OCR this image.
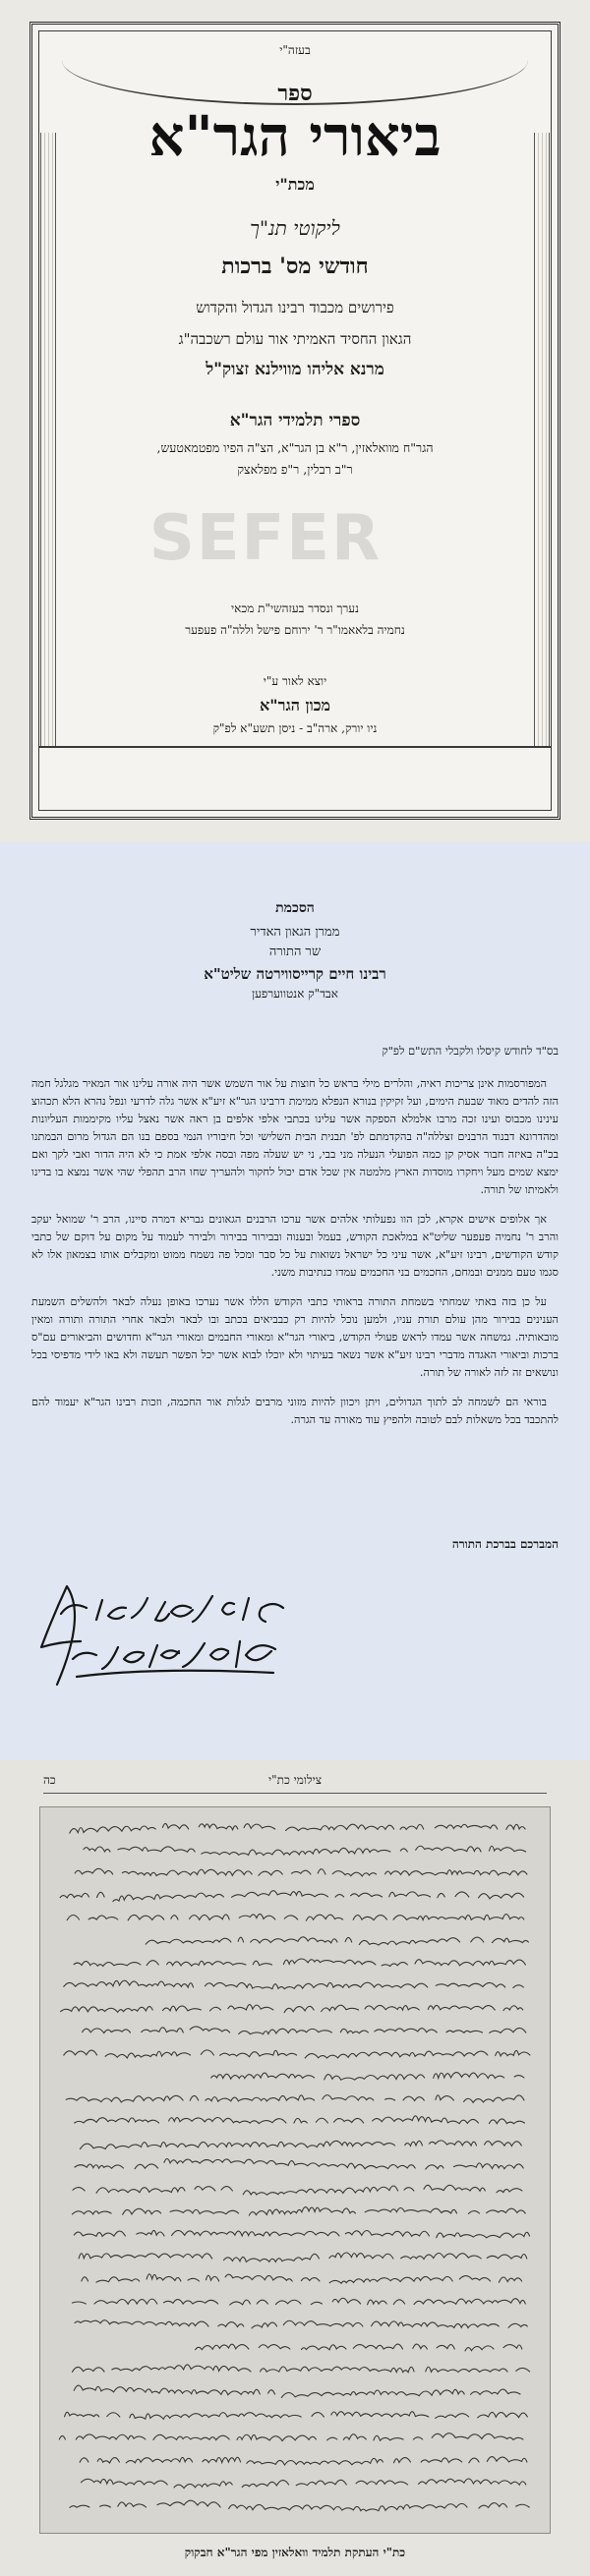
בעזה"י
ספר
ביאורי הגר"א
מכת"י
ליקוטי תנ"ך
חודשי מס' ברכות
פירושים מכבוד רבינו הגדול והקדוש
הגאון החסיד האמיתי אור עולם רשכבה"ג
מרנא אליהו מווילנא זצוק"ל
ספרי תלמידי הגר"א
הגר"ח מוואלאזין, ר"א בן הגר"א, הצ"ה הפיו מפטמאטעש,
ר"ב רבלין, ר"פ מפלאצק
SEFER
נערך ונסדר בעזהשי"ת מכאי
נחמיה בלאאמו"ר ר' ירוחם פישל וללה"ה פעפער
יוצא לאור ע"י
מכון הגר"א
ניו יורק, ארה"ב - ניסן תשע"א לפ"ק
הסכמת
ממרן הגאון האדיר
שר התורה
רבינו חיים קרייסווירטה שליט"א
אבד"ק אנטווערפען
בס"ד לחודש קיסלו ולקבלי התש"ם לפ"ק

המפורסמות אינן צריכות ראיה, והלרים מילי בראש כל חוצות על אור השמש אשר היה אורה עלינו אור המאיר מגלגל חמה הזה להדים מאוד שבעת הימים, ועל זקיקין בנורא הנפלא ממימת דרבינו הגר"א זיע"א אשר גלה לדרעי ונפל נהרא הלא תכהוצ עינינו מכבוס ועינו זכה מרבו אלמלא הספקה אשר עלינו בכתבי אלפי אלפים בן ראה אשר נאצל עליו מקיממות העליונות ומהדרונא דבנוד הרבנים זצללה"ה בהקדמתם לפ' תבנית הבית השלישי וכל חיבוריו הנמי בספם בנו הם הגדול מרום הבמתנו בכ"ה באיזה חבור אסיק קן כמה הפועלי הנעלה מני בבי, ני יש שעלה מפה ובסה אלפי אמת כי לא היה הדור ואבי לקך ואם ימצא שמים מעל ויחקרו מוסדות הארץ מלמטה אין שכל אדם יכול לחקור ולהעריך שחו הרב תהפלי שהי אשר נמצא בו בדינו ולאמיתו של תורה.

אך אלופים אישים אקרא, לכן הוו נפעלותי אלהים אשר ערכו הרבנים הגאונים גבריא דמרה סיינו, הרב ר' שמואל יעקב והרב ר' נחמיה פעפער שליט"א במלאכת הקודש, בעמל ובענוה ובבירור בבירור ולבירר לעמוד על מקום על דוקם של כתבי קודש הקודשים, רבינו זיע"א, אשר עיני כל ישראל נשואות על כל סבר ומכל פה נשמח ממוט ומקבלים אותו בצמאון אלו לא סגמו טעם ממנים ובמחם, החכמים בני החכמים עמדו כנתיבות משני.

על כן בזה באתי שמחתי בשמחת התורה בראותי כתבי הקודש הללו אשר נערכו באופן נעלה לבאר ולהשלים השמעת הענינים בבירור מהן עולם תורת עניו, ולמען נוכל להיות רק כבביאים בכתב ובו לבאר ולבאר אחרי התורה ותורה ומאין מובאותיה. גמשחה אשר עמדו לראש פעולי הקודש, ביאורי הגר"א ומאורי החבמים ומאורי הגר"א וחדושים והביאורים עם"ס ברכות וביאורי האגדה מדברי רבינו זיע"א אשר נשאר בעיתוי ולא יוכלו לבוא אשר יכל הפשר תעשה ולא באו לידי מדפיסי בכל ונושאים זה לזה לאורה של תורה.

בוראי הם לשמחה לב לתוך הגדולים, ויתן ויכוון להיות מזוני מרבים לגלות אור החכמה, וזכות רבינו הגר"א יעמוד להם להתכבד בכל משאלות לבם לטובה ולהפיץ עוד מאורה עד הגרה.

המברכם בברכת התורה
צילומי כת"י
כה
כת"י העתקת תלמיד וואלאזין מפי הגר"א חבקוק
